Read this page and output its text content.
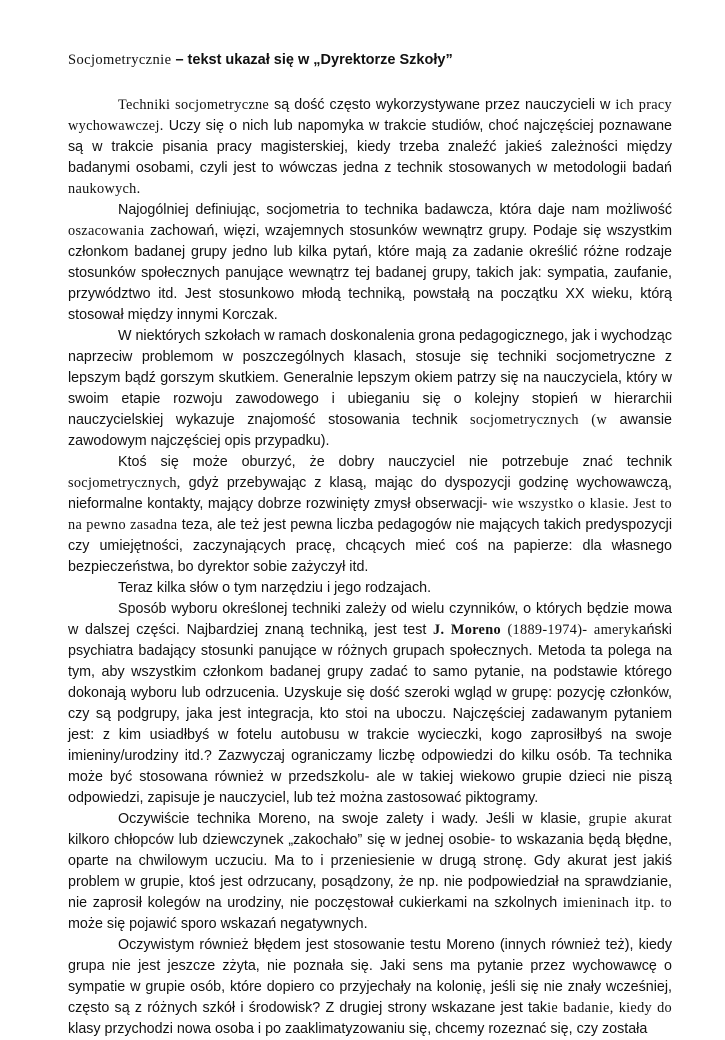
Socjometrycznie – tekst ukazał się w „Dyrektorze Szkoły”

Techniki socjometryczne są dość często wykorzystywane przez nauczycieli w ich pracy wychowawczej. Uczy się o nich lub napomyka w trakcie studiów, choć najczęściej poznawane są w trakcie pisania pracy magisterskiej, kiedy trzeba znaleźć jakieś zależności między badanymi osobami, czyli jest to wówczas jedna z technik stosowanych w metodologii badań naukowych.

Najogólniej definiując, socjometria to technika badawcza, która daje nam możliwość oszacowania zachowań, więzi, wzajemnych stosunków wewnątrz grupy. Podaje się wszystkim członkom badanej grupy jedno lub kilka pytań, które mają za zadanie określić różne rodzaje stosunków społecznych panujące wewnątrz tej badanej grupy, takich jak: sympatia, zaufanie, przywództwo itd. Jest stosunkowo młodą techniką, powstałą na początku XX wieku, którą stosował między innymi Korczak.

W niektórych szkołach w ramach doskonalenia grona pedagogicznego, jak i wychodząc naprzeciw problemom w poszczególnych klasach, stosuje się techniki socjometryczne z lepszym bądź gorszym skutkiem. Generalnie lepszym okiem patrzy się na nauczyciela, który w swoim etapie rozwoju zawodowego i ubieganiu się o kolejny stopień w hierarchii nauczycielskiej wykazuje znajomość stosowania technik socjometrycznych (w awansie zawodowym najczęściej opis przypadku).

Ktoś się może oburzyć, że dobry nauczyciel nie potrzebuje znać technik socjometrycznych, gdyż przebywając z klasą, mając do dyspozycji godzinę wychowawczą, nieformalne kontakty, mający dobrze rozwinięty zmysł obserwacji- wie wszystko o klasie. Jest to na pewno zasadna teza, ale też jest pewna liczba pedagogów nie mających takich predyspozycji czy umiejętności, zaczynających pracę, chcących mieć coś na papierze: dla własnego bezpieczeństwa, bo dyrektor sobie zażyczył itd.

Teraz kilka słów o tym narzędziu i jego rodzajach.

Sposób wyboru określonej techniki zależy od wielu czynników, o których będzie mowa w dalszej części. Najbardziej znaną techniką, jest test J. Moreno (1889-1974)- amerykański psychiatra badający stosunki panujące w różnych grupach społecznych. Metoda ta polega na tym, aby wszystkim członkom badanej grupy zadać to samo pytanie, na podstawie którego dokonają wyboru lub odrzucenia. Uzyskuje się dość szeroki wgląd w grupę: pozycję członków, czy są podgrupy, jaka jest integracja, kto stoi na uboczu. Najczęściej zadawanym pytaniem jest: z kim usiadłbyś w fotelu autobusu w trakcie wycieczki, kogo zaprosiłbyś na swoje imieniny/urodziny itd.? Zazwyczaj ograniczamy liczbę odpowiedzi do kilku osób. Ta technika może być stosowana również w przedszkolu- ale w takiej wiekowo grupie dzieci nie piszą odpowiedzi, zapisuje je nauczyciel, lub też można zastosować piktogramy.

Oczywiście technika Moreno, na swoje zalety i wady. Jeśli w klasie, grupie akurat kilkoro chłopców lub dziewczynek „zakochało” się w jednej osobie- to wskazania będą błędne, oparte na chwilowym uczuciu. Ma to i przeniesienie w drugą stronę. Gdy akurat jest jakiś problem w grupie, ktoś jest odrzucany, posądzony, że np. nie podpowiedział na sprawdzianie, nie zaprosił kolegów na urodziny, nie poczęstował cukierkami na szkolnych imieninach itp. to może się pojawić sporo wskazań negatywnych.

Oczywistym również błędem jest stosowanie testu Moreno (innych również też), kiedy grupa nie jest jeszcze zżyta, nie poznała się. Jaki sens ma pytanie przez wychowawcę o sympatie w grupie osób, które dopiero co przyjechały na kolonię, jeśli się nie znały wcześniej, często są z różnych szkół i środowisk? Z drugiej strony wskazane jest takie badanie, kiedy do klasy przychodzi nowa osoba i po zaaklimatyzowaniu się, chcemy rozeznać się, czy została
